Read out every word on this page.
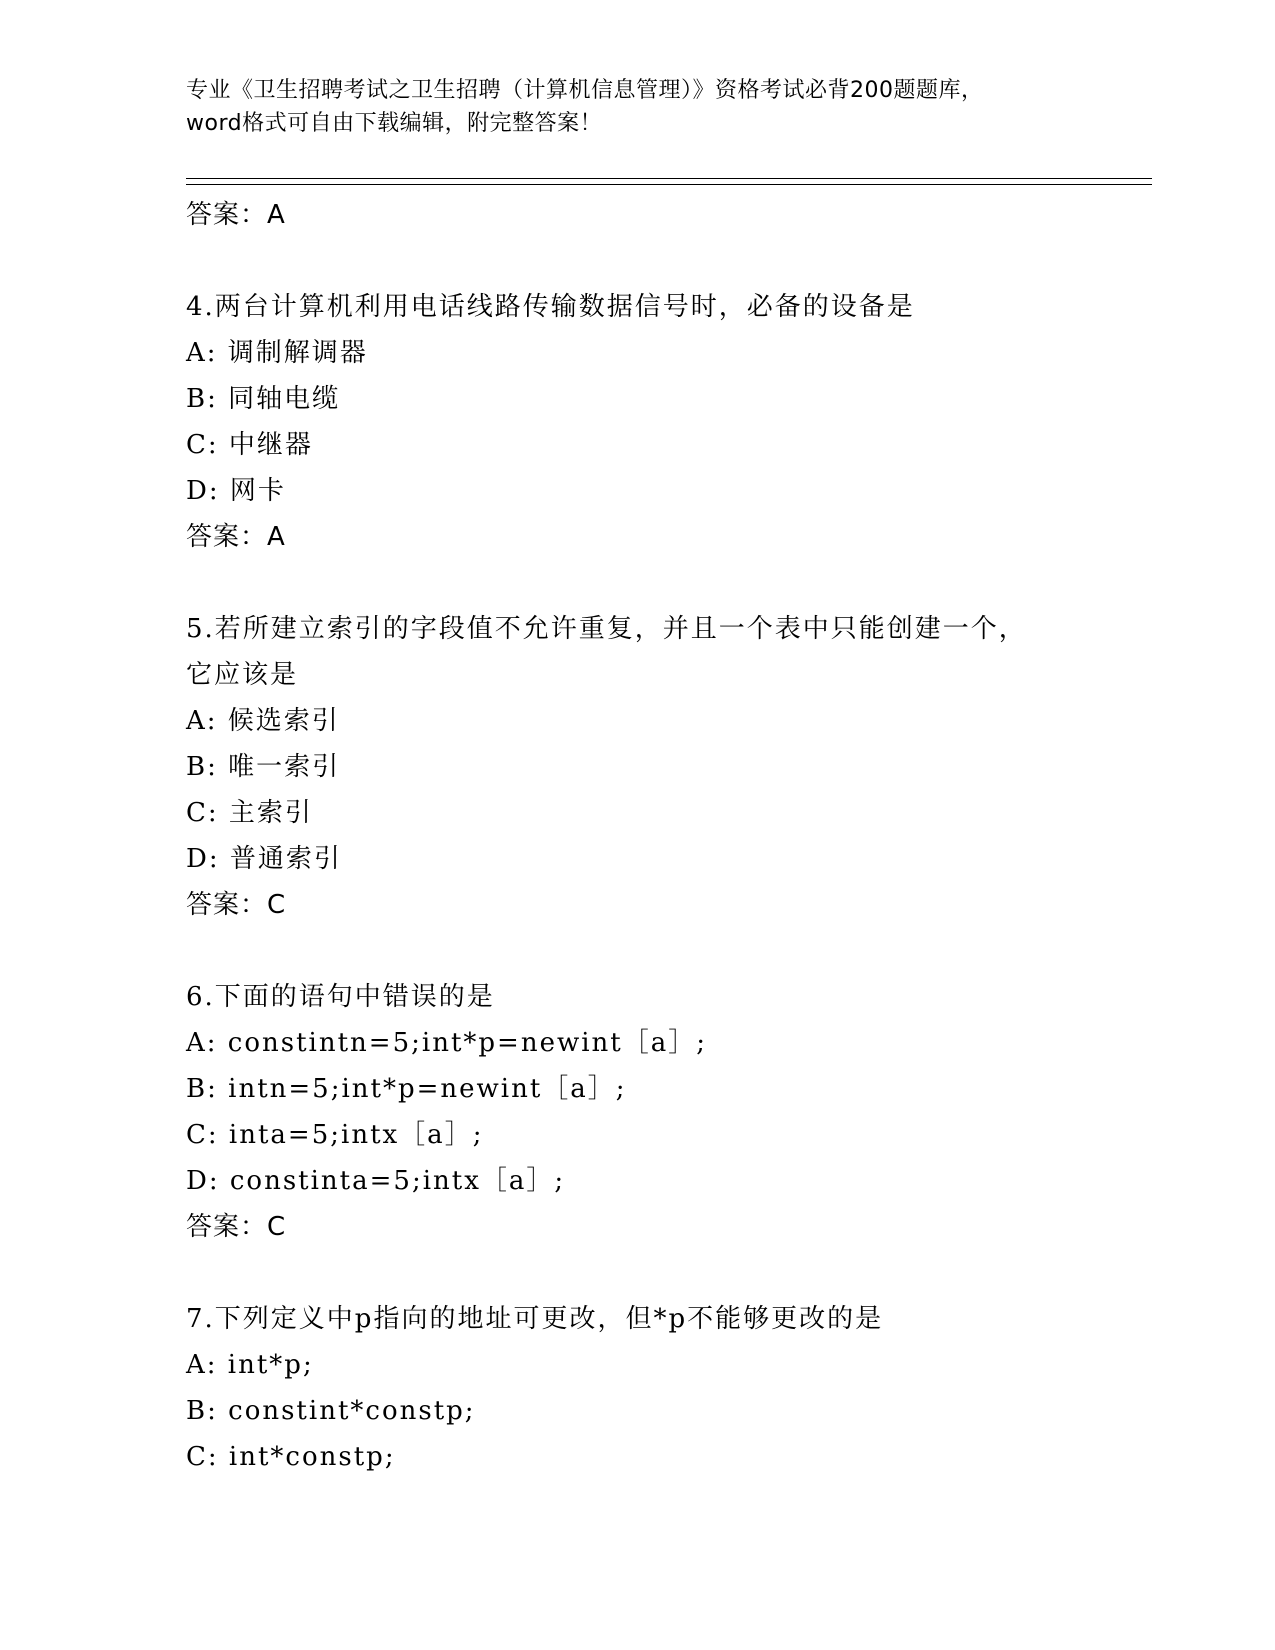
专业《卫生招聘考试之卫生招聘（计算机信息管理）》资格考试必背200题题库，
word格式可自由下载编辑，附完整答案！
答案：A
4.两台计算机利用电话线路传输数据信号时，必备的设备是
A: 调制解调器
B: 同轴电缆
C: 中继器
D: 网卡
答案：A
5.若所建立索引的字段值不允许重复，并且一个表中只能创建一个，
它应该是
A: 候选索引
B: 唯一索引
C: 主索引
D: 普通索引
答案：C
6.下面的语句中错误的是
A: constintn=5;int*p=newint［a］;
B: intn=5;int*p=newint［a］;
C: inta=5;intx［a］;
D: constinta=5;intx［a］;
答案：C
7.下列定义中p指向的地址可更改，但*p不能够更改的是
A: int*p;
B: constint*constp;
C: int*constp;
